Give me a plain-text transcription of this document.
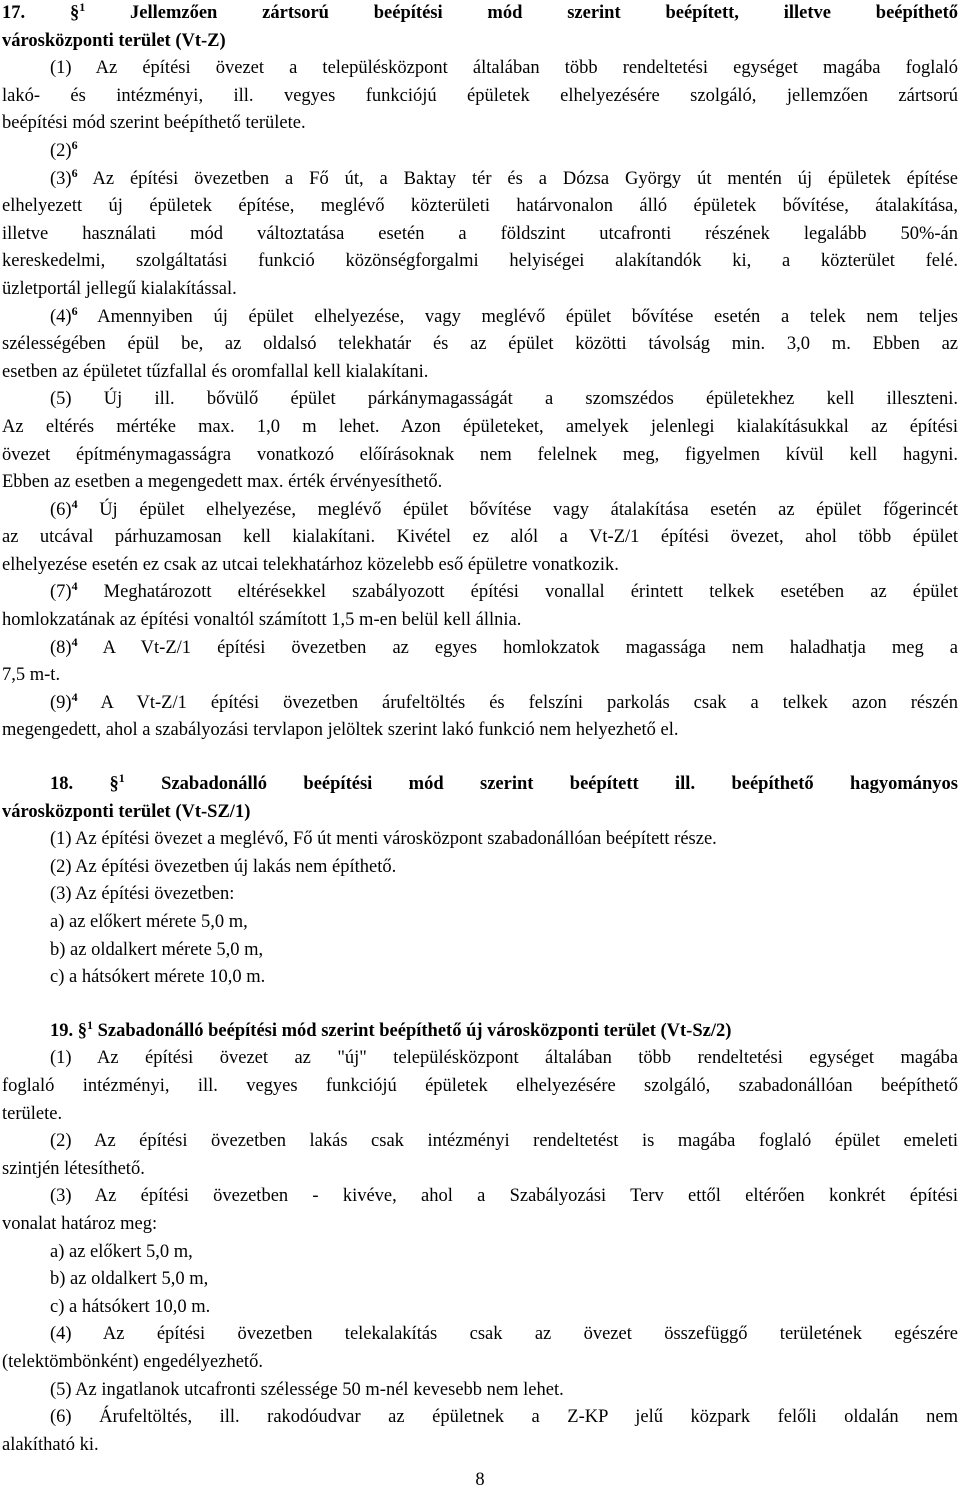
17. §$^1$ Jellemzően zártsorú beépítési mód szerint beépített, illetve beépíthető
városközponti terület (Vt-Z)
(1) Az építési övezet a településközpont általában több rendeltetési egységet magába foglaló
lakó- és intézményi, ill. vegyes funkciójú épületek elhelyezésére szolgáló, jellemzően zártsorú
beépítési mód szerint beépíthető területe.
$(2)^6$
$(3)^6$ Az építési övezetben a Fő út, a Baktay tér és a Dózsa György út mentén új épületek építése
elhelyezett új épületek építése, meglévő közterületi határvonalon álló épületek bővítése, átalakítása,
illetve használati mód változtatása esetén a földszint utcafronti részének legalább 50%-án
kereskedelmi, szolgáltatási funkció közönségforgalmi helyiségei alakítandók ki, a közterület felé.
üzletportál jellegű kialakítással.
$(4)^6$ Amennyiben új épület elhelyezése, vagy meglévő épület bővítése esetén a telek nem teljes
szélességében épül be, az oldalsó telekhatár és az épület közötti távolság min. 3,0 m. Ebben az
esetben az épületet tűzfallal és oromfallal kell kialakítani.
(5) Új ill. bővülő épület párkánymagasságát a szomszédos épületekhez kell illeszteni.
Az eltérés mértéke max. 1,0 m lehet. Azon épületeket, amelyek jelenlegi kialakításukkal az építési
övezet építménymagasságra vonatkozó előírásoknak nem felelnek meg, figyelmen kívül kell hagyni.
Ebben az esetben a megengedett max. érték érvényesíthető.
$(6)^4$ Új épület elhelyezése, meglévő épület bővítése vagy átalakítása esetén az épület főgerincét
az utcával párhuzamosan kell kialakítani. Kivétel ez alól a Vt-Z/1 építési övezet, ahol több épület
elhelyezése esetén ez csak az utcai telekhatárhoz közelebb eső épületre vonatkozik.
$(7)^4$ Meghatározott eltérésekkel szabályozott építési vonallal érintett telkek esetében az épület
homlokzatának az építési vonaltól számított 1,5 m-en belül kell állnia.
$(8)^4$ A Vt-Z/1 építési övezetben az egyes homlokzatok magassága nem haladhatja meg a
7,5 m-t.
$(9)^4$ A Vt-Z/1 építési övezetben árufeltöltés és felszíni parkolás csak a telkek azon részén
megengedett, ahol a szabályozási tervlapon jelöltek szerint lakó funkció nem helyezhető el.
18. §$^1$ Szabadonálló beépítési mód szerint beépített ill. beépíthető hagyományos
városközponti terület (Vt-SZ/1)
(1) Az építési övezet a meglévő, Fő út menti városközpont szabadonállóan beépített része.
(2) Az építési övezetben új lakás nem építhető.
(3) Az építési övezetben:
a) az előkert mérete 5,0 m,
b) az oldalkert mérete 5,0 m,
c) a hátsókert mérete 10,0 m.
19. §$^1$ Szabadonálló beépítési mód szerint beépíthető új városközponti terület (Vt-Sz/2)
(1) Az építési övezet az "új" településközpont általában több rendeltetési egységet magába
foglaló intézményi, ill. vegyes funkciójú épületek elhelyezésére szolgáló, szabadonállóan beépíthető
területe.
(2) Az építési övezetben lakás csak intézményi rendeltetést is magába foglaló épület emeleti
szintjén létesíthető.
(3) Az építési övezetben - kivéve, ahol a Szabályozási Terv ettől eltérően konkrét építési
vonalat határoz meg:
a) az előkert 5,0 m,
b) az oldalkert 5,0 m,
c) a hátsókert 10,0 m.
(4) Az építési övezetben telekalakítás csak az övezet összefüggő területének egészére
(telektömbönként) engedélyezhető.
(5) Az ingatlanok utcafronti szélessége 50 m-nél kevesebb nem lehet.
(6) Árufeltöltés, ill. rakodóudvar az épületnek a Z-KP jelű közpark felőli oldalán nem
alakítható ki.
8
